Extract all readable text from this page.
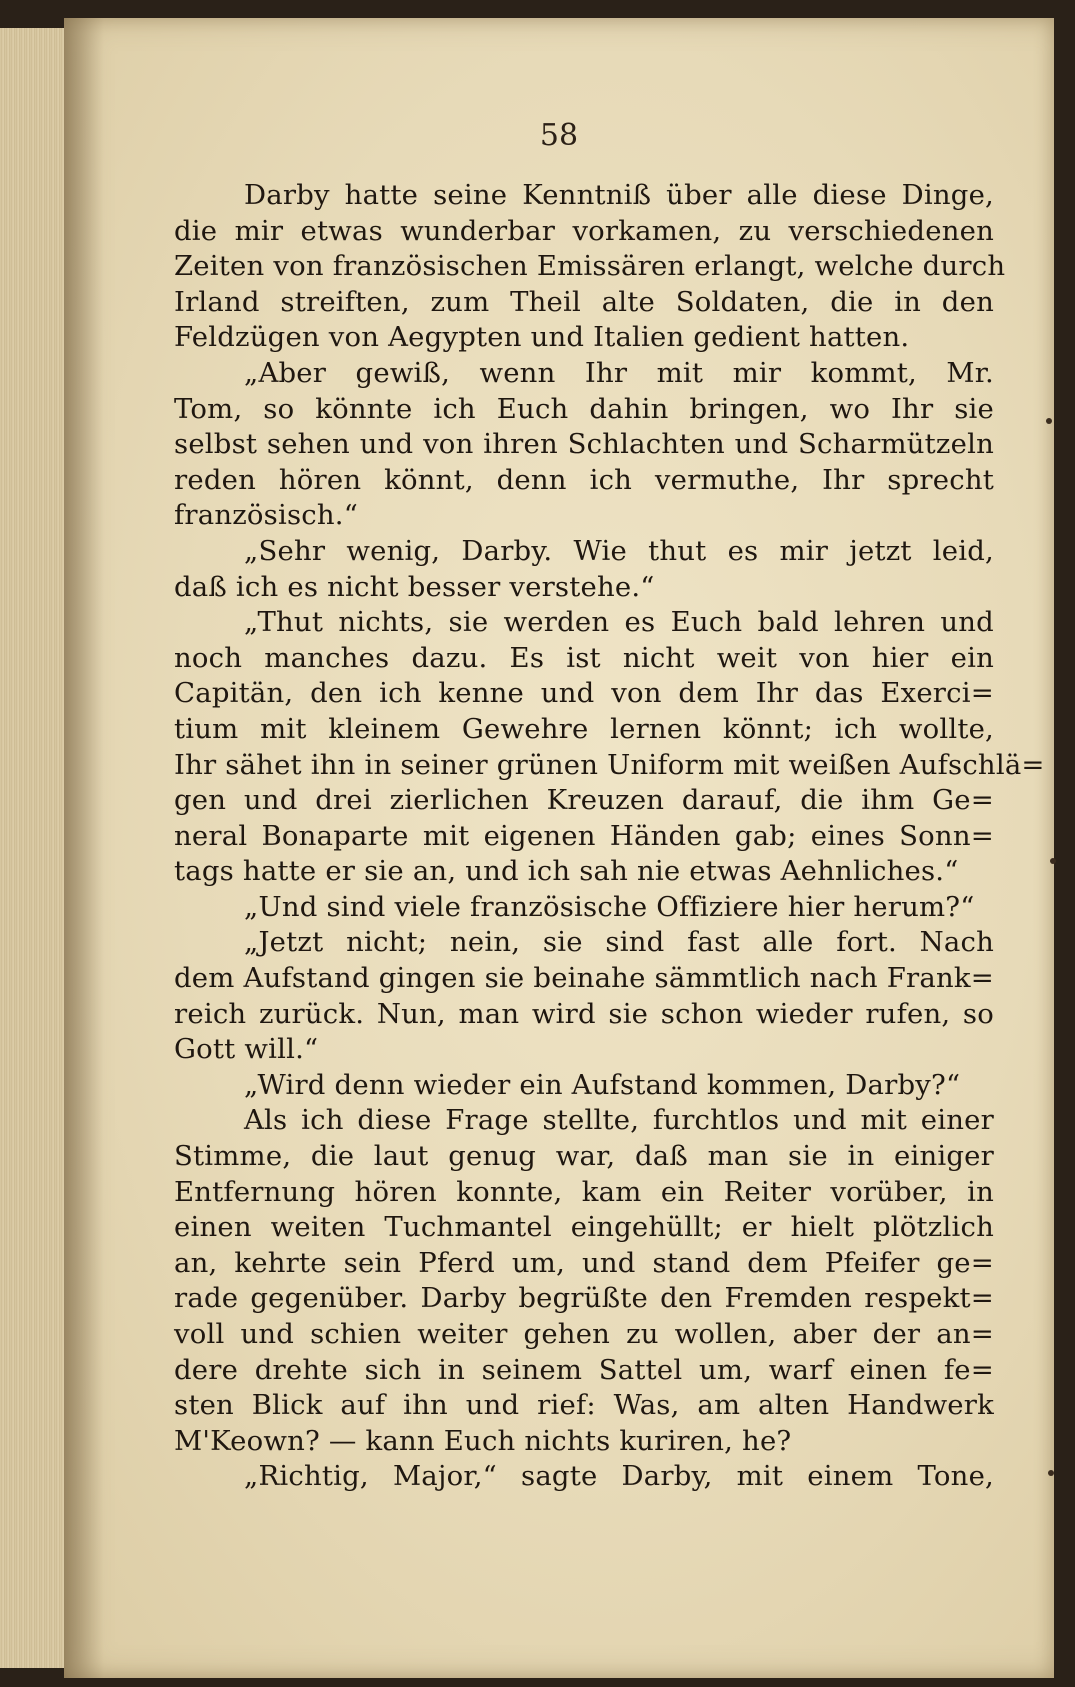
58
Darby hatte seine Kenntniß über alle diese Dinge,
die mir etwas wunderbar vorkamen, zu verschiedenen
Zeiten von französischen Emissären erlangt, welche durch
Irland streiften, zum Theil alte Soldaten, die in den
Feldzügen von Aegypten und Italien gedient hatten.
„Aber gewiß, wenn Ihr mit mir kommt, Mr.
Tom, so könnte ich Euch dahin bringen, wo Ihr sie
selbst sehen und von ihren Schlachten und Scharmützeln
reden hören könnt, denn ich vermuthe, Ihr sprecht
französisch.“
„Sehr wenig, Darby. Wie thut es mir jetzt leid,
daß ich es nicht besser verstehe.“
„Thut nichts, sie werden es Euch bald lehren und
noch manches dazu. Es ist nicht weit von hier ein
Capitän, den ich kenne und von dem Ihr das Exerci=
tium mit kleinem Gewehre lernen könnt; ich wollte,
Ihr sähet ihn in seiner grünen Uniform mit weißen Aufschlä=
gen und drei zierlichen Kreuzen darauf, die ihm Ge=
neral Bonaparte mit eigenen Händen gab; eines Sonn=
tags hatte er sie an, und ich sah nie etwas Aehnliches.“
„Und sind viele französische Offiziere hier herum?“
„Jetzt nicht; nein, sie sind fast alle fort. Nach
dem Aufstand gingen sie beinahe sämmtlich nach Frank=
reich zurück. Nun, man wird sie schon wieder rufen, so
Gott will.“
„Wird denn wieder ein Aufstand kommen, Darby?“
Als ich diese Frage stellte, furchtlos und mit einer
Stimme, die laut genug war, daß man sie in einiger
Entfernung hören konnte, kam ein Reiter vorüber, in
einen weiten Tuchmantel eingehüllt; er hielt plötzlich
an, kehrte sein Pferd um, und stand dem Pfeifer ge=
rade gegenüber. Darby begrüßte den Fremden respekt=
voll und schien weiter gehen zu wollen, aber der an=
dere drehte sich in seinem Sattel um, warf einen fe=
sten Blick auf ihn und rief: Was, am alten Handwerk
M'Keown? — kann Euch nichts kuriren, he?
„Richtig, Major,“ sagte Darby, mit einem Tone,
